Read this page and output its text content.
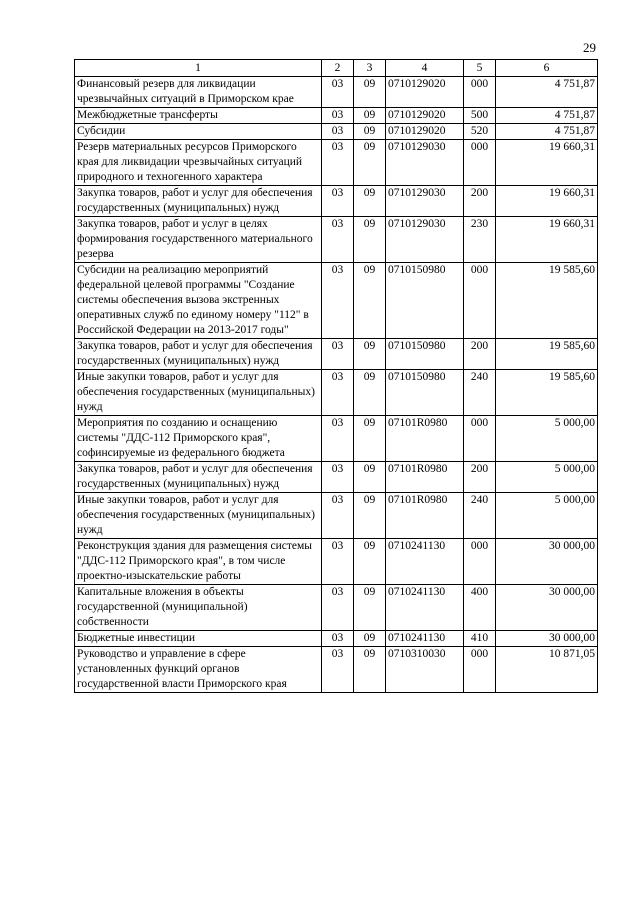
29
1	2	3	4	5	6
Финансовый резерв для ликвидации чрезвычайных ситуаций в Приморском крае	03	09	0710129020	000	4 751,87
Межбюджетные трансферты	03	09	0710129020	500	4 751,87
Субсидии	03	09	0710129020	520	4 751,87
Резерв материальных ресурсов Приморского края для ликвидации чрезвычайных ситуаций природного и техногенного характера	03	09	0710129030	000	19 660,31
Закупка товаров, работ и услуг для обеспечения государственных (муниципальных) нужд	03	09	0710129030	200	19 660,31
Закупка товаров, работ и услуг в целях формирования государственного материального резерва	03	09	0710129030	230	19 660,31
Субсидии на реализацию мероприятий федеральной целевой программы "Создание системы обеспечения вызова экстренных оперативных служб по единому номеру "112" в Российской Федерации на 2013-2017 годы"	03	09	0710150980	000	19 585,60
Закупка товаров, работ и услуг для обеспечения государственных (муниципальных) нужд	03	09	0710150980	200	19 585,60
Иные закупки товаров, работ и услуг для обеспечения государственных (муниципальных) нужд	03	09	0710150980	240	19 585,60
Мероприятия по созданию и оснащению системы "ДДС-112 Приморского края", софинсируемые из федерального бюджета	03	09	07101R0980	000	5 000,00
Закупка товаров, работ и услуг для обеспечения государственных (муниципальных) нужд	03	09	07101R0980	200	5 000,00
Иные закупки товаров, работ и услуг для обеспечения государственных (муниципальных) нужд	03	09	07101R0980	240	5 000,00
Реконструкция здания для размещения системы "ДДС-112 Приморского края", в том числе проектно-изыскательские работы	03	09	0710241130	000	30 000,00
Капитальные вложения в объекты государственной (муниципальной) собственности	03	09	0710241130	400	30 000,00
Бюджетные инвестиции	03	09	0710241130	410	30 000,00
Руководство и управление в сфере установленных функций органов государственной власти Приморского края	03	09	0710310030	000	10 871,05
